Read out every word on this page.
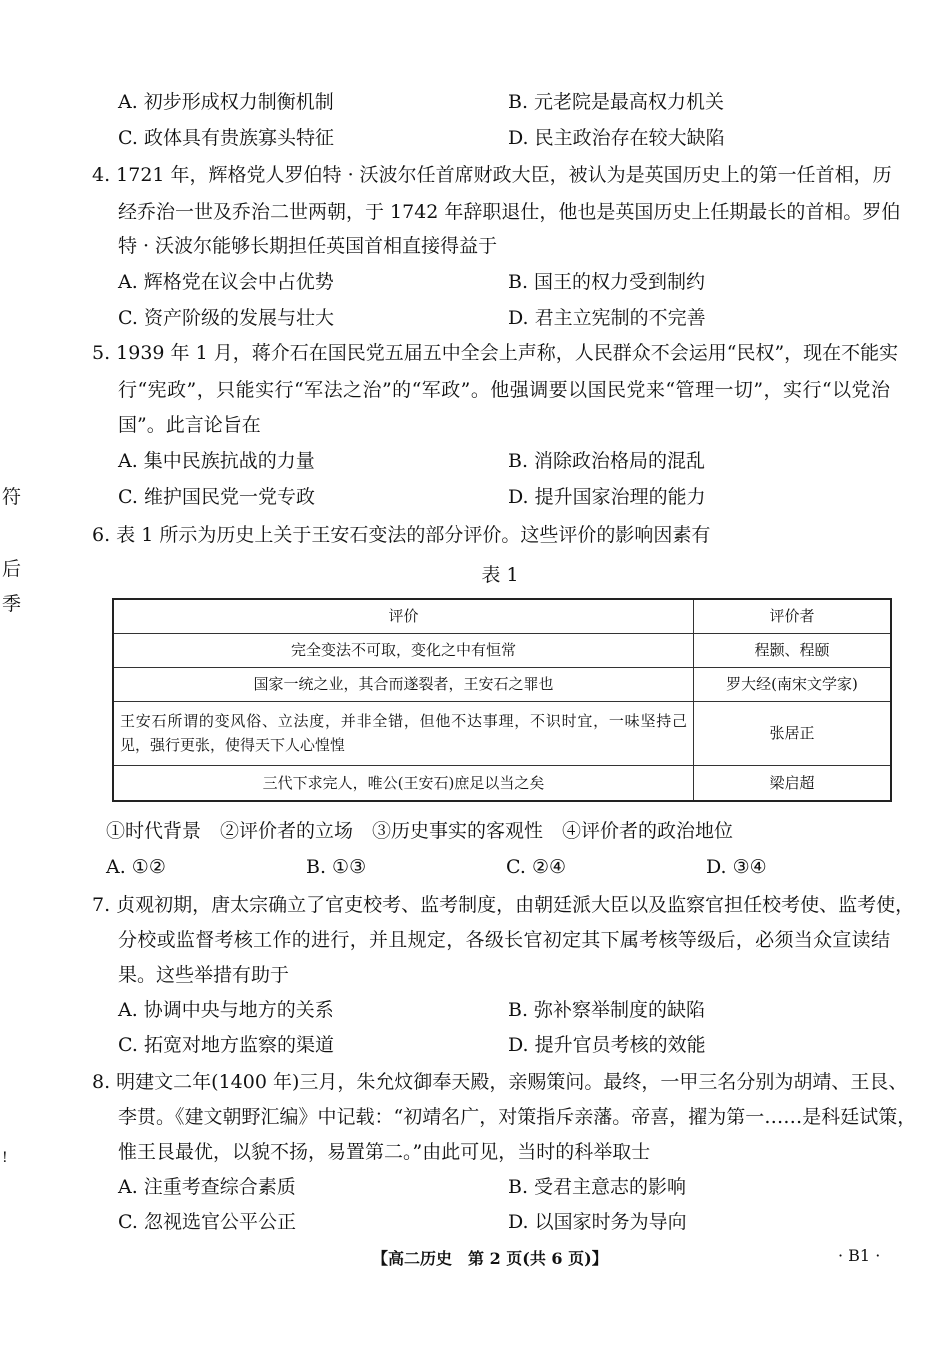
符
后
季
!
A. 初步形成权力制衡机制	B. 元老院是最高权力机关
C. 政体具有贵族寡头特征	D. 民主政治存在较大缺陷
4. 1721 年，辉格党人罗伯特 · 沃波尔任首席财政大臣，被认为是英国历史上的第一任首相，历
经乔治一世及乔治二世两朝，于 1742 年辞职退仕，他也是英国历史上任期最长的首相。罗伯
特 · 沃波尔能够长期担任英国首相直接得益于
A. 辉格党在议会中占优势	B. 国王的权力受到制约
C. 资产阶级的发展与壮大	D. 君主立宪制的不完善
5. 1939 年 1 月，蒋介石在国民党五届五中全会上声称，人民群众不会运用“民权”，现在不能实
行“宪政”，只能实行“军法之治”的“军政”。他强调要以国民党来“管理一切”，实行“以党治
国”。此言论旨在
A. 集中民族抗战的力量	B. 消除政治格局的混乱
C. 维护国民党一党专政	D. 提升国家治理的能力
6. 表 1 所示为历史上关于王安石变法的部分评价。这些评价的影响因素有
表 1
评价	评价者
完全变法不可取，变化之中有恒常	程颢、程颐
国家一统之业，其合而遂裂者，王安石之罪也	罗大经(南宋文学家)
王安石所谓的变风俗、立法度，并非全错，但他不达事理，不识时宜，一味坚持己见，强行更张，使得天下人心惶惶	张居正
三代下求完人，唯公(王安石)庶足以当之矣	梁启超
①时代背景　②评价者的立场　③历史事实的客观性　④评价者的政治地位
A. ①②	B. ①③	C. ②④	D. ③④
7. 贞观初期，唐太宗确立了官吏校考、监考制度，由朝廷派大臣以及监察官担任校考使、监考使，
分校或监督考核工作的进行，并且规定，各级长官初定其下属考核等级后，必须当众宣读结
果。这些举措有助于
A. 协调中央与地方的关系	B. 弥补察举制度的缺陷
C. 拓宽对地方监察的渠道	D. 提升官员考核的效能
8. 明建文二年(1400 年)三月，朱允炆御奉天殿，亲赐策问。最终，一甲三名分别为胡靖、王艮、
李贯。《建文朝野汇编》中记载：“初靖名广，对策指斥亲藩。帝喜，擢为第一……是科廷试策，
惟王艮最优，以貌不扬，易置第二。”由此可见，当时的科举取士
A. 注重考查综合素质	B. 受君主意志的影响
C. 忽视选官公平公正	D. 以国家时务为导向
【高二历史　第 2 页(共 6 页)】	· B1 ·
